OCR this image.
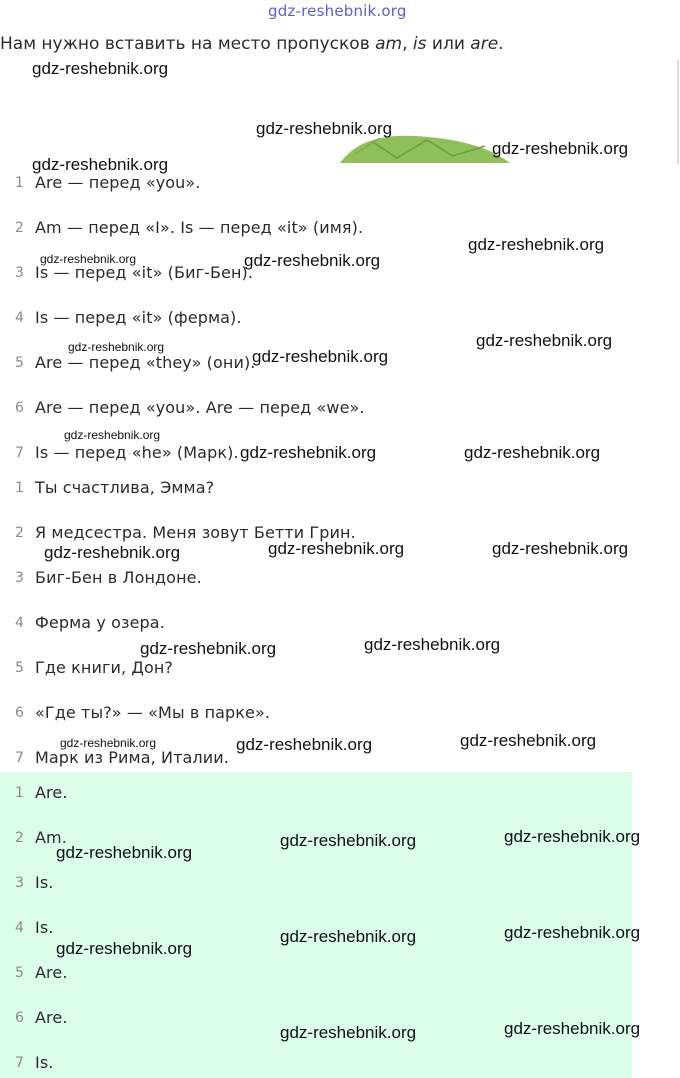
gdz-reshebnik.org
Нам нужно вставить на место пропусков am, is или are.
1 Are — перед «you».
2 Am — перед «I». Is — перед «it» (имя).
3 Is — перед «it» (Биг-Бен).
4 Is — перед «it» (ферма).
5 Are — перед «they» (они).
6 Are — перед «you». Are — перед «we».
7 Is — перед «he» (Марк).
1 Ты счастлива, Эмма?
2 Я медсестра. Меня зовут Бетти Грин.
3 Биг-Бен в Лондоне.
4 Ферма у озера.
5 Где книги, Дон?
6 «Где ты?» — «Мы в парке».
7 Марк из Рима, Италии.
1 Are.
2 Am.
3 Is.
4 Is.
5 Are.
6 Are.
7 Is.
gdz-reshebnik.org
gdz-reshebnik.org
gdz-reshebnik.org
gdz-reshebnik.org
gdz-reshebnik.org
gdz-reshebnik.org	gdz-reshebnik.org
gdz-reshebnik.org
gdz-reshebnik.org	gdz-reshebnik.org
gdz-reshebnik.org
gdz-reshebnik.org	gdz-reshebnik.org
gdz-reshebnik.org	gdz-reshebnik.org	gdz-reshebnik.org
gdz-reshebnik.org
gdz-reshebnik.org
gdz-reshebnik.org	gdz-reshebnik.org	gdz-reshebnik.org
gdz-reshebnik.org	gdz-reshebnik.org
gdz-reshebnik.org
gdz-reshebnik.org	gdz-reshebnik.org
gdz-reshebnik.org
gdz-reshebnik.org	gdz-reshebnik.org
